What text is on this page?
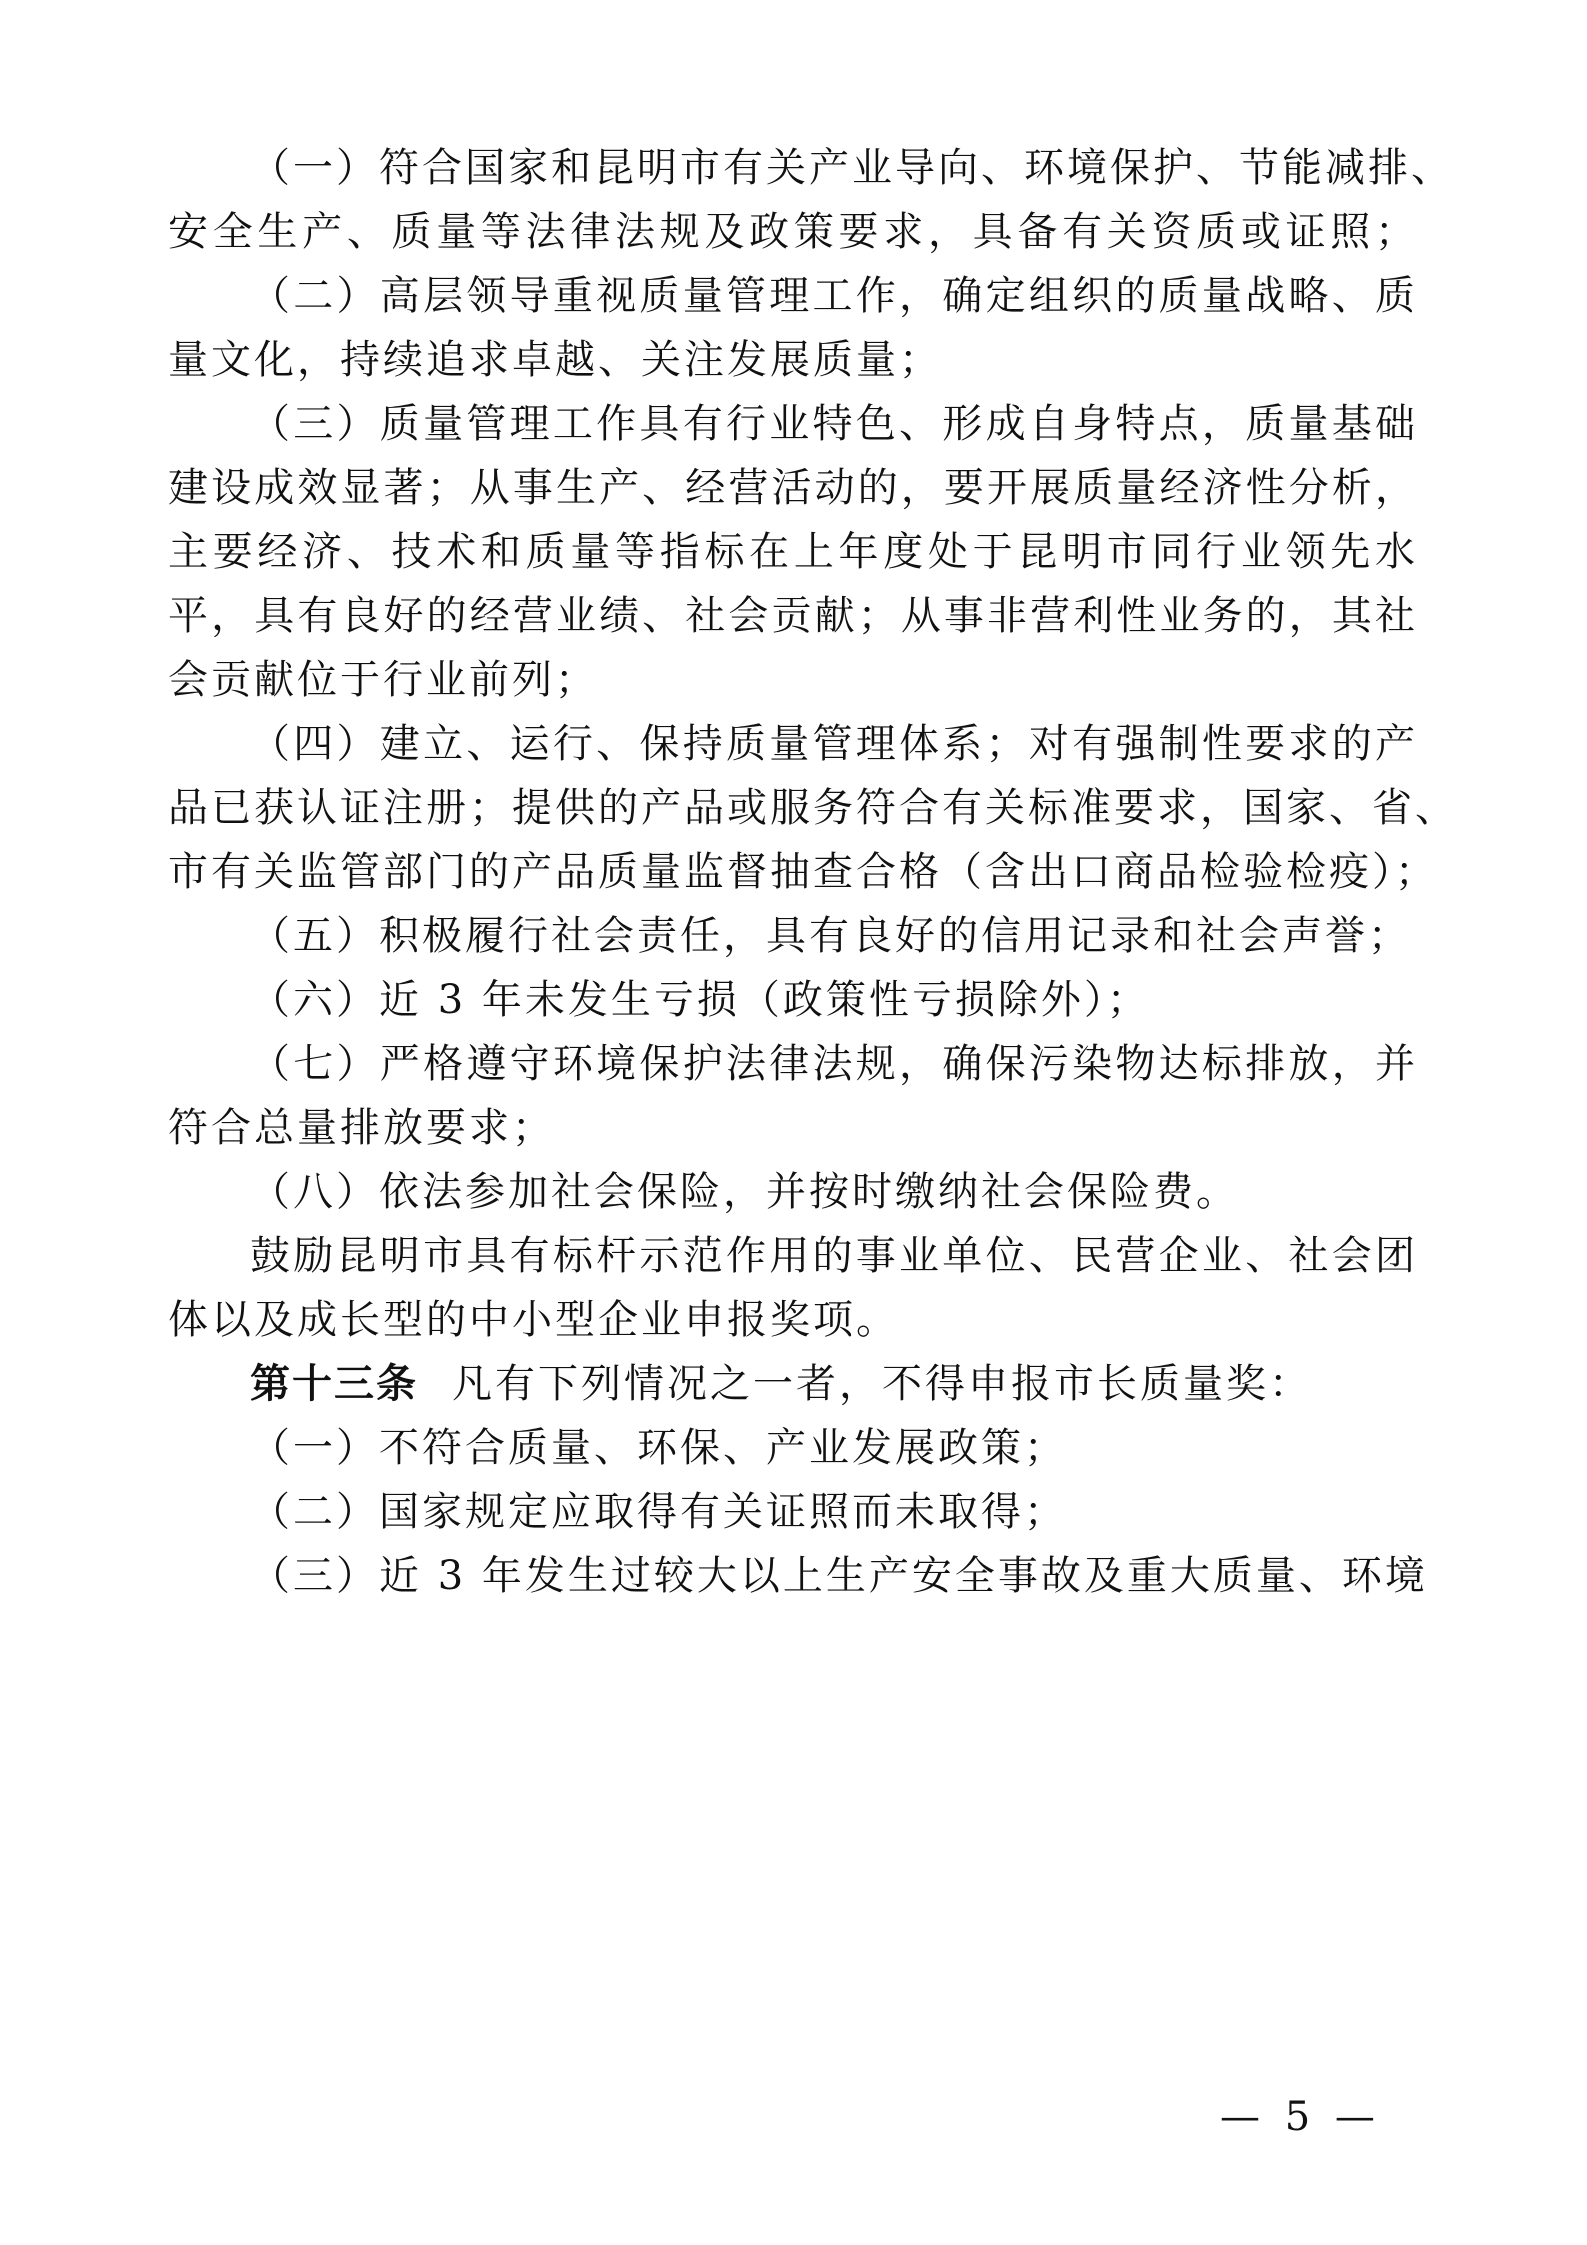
（一）符合国家和昆明市有关产业导向、环境保护、节能减排、
安全生产、质量等法律法规及政策要求，具备有关资质或证照；
（二）高层领导重视质量管理工作，确定组织的质量战略、质
量文化，持续追求卓越、关注发展质量；
（三）质量管理工作具有行业特色、形成自身特点，质量基础
建设成效显著；从事生产、经营活动的，要开展质量经济性分析，
主要经济、技术和质量等指标在上年度处于昆明市同行业领先水
平，具有良好的经营业绩、社会贡献；从事非营利性业务的，其社
会贡献位于行业前列；
（四）建立、运行、保持质量管理体系；对有强制性要求的产
品已获认证注册；提供的产品或服务符合有关标准要求，国家、省、
市有关监管部门的产品质量监督抽查合格（含出口商品检验检疫）；
（五）积极履行社会责任，具有良好的信用记录和社会声誉；
（六）近 3 年未发生亏损（政策性亏损除外）；
（七）严格遵守环境保护法律法规，确保污染物达标排放，并
符合总量排放要求；
（八）依法参加社会保险，并按时缴纳社会保险费。
鼓励昆明市具有标杆示范作用的事业单位、民营企业、社会团
体以及成长型的中小型企业申报奖项。
第十三条 凡有下列情况之一者，不得申报市长质量奖：
（一）不符合质量、环保、产业发展政策；
（二）国家规定应取得有关证照而未取得；
（三）近 3 年发生过较大以上生产安全事故及重大质量、环境
— 5 —
